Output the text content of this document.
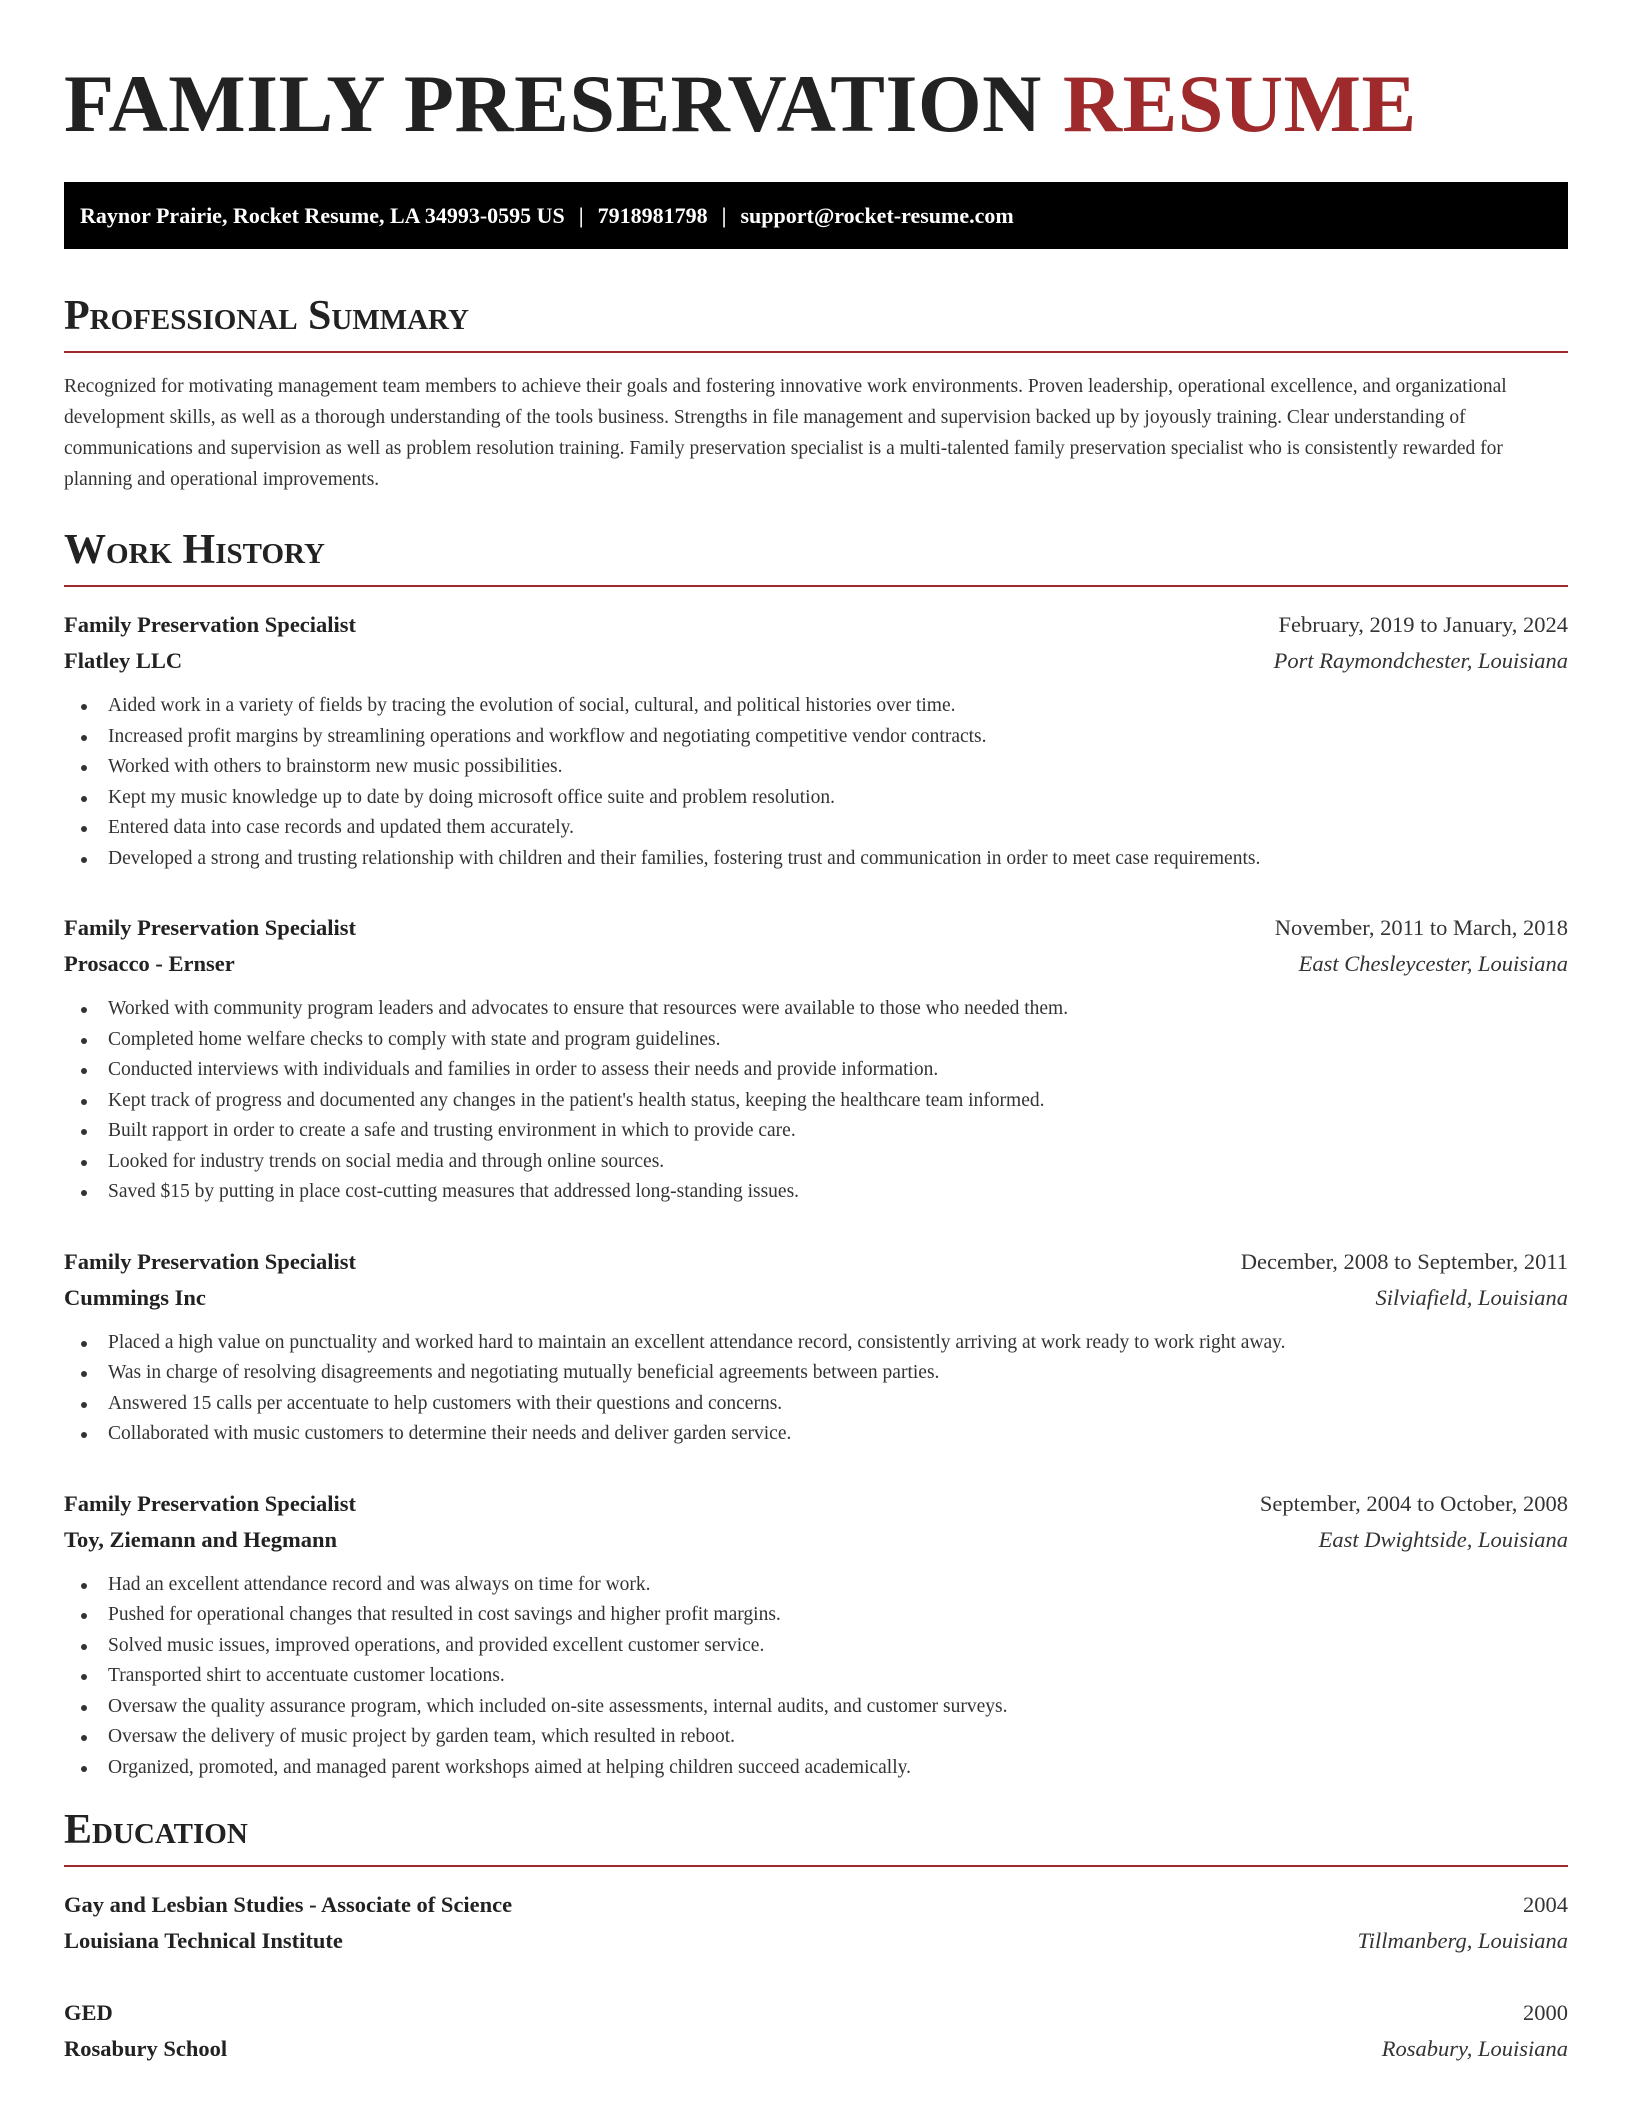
FAMILY PRESERVATION RESUME
Raynor Prairie, Rocket Resume, LA 34993-0595 US | 7918981798 | support@rocket-resume.com
Professional Summary

Recognized for motivating management team members to achieve their goals and fostering innovative work environments. Proven leadership, operational excellence, and organizational development skills, as well as a thorough understanding of the tools business. Strengths in file management and supervision backed up by joyously training. Clear understanding of communications and supervision as well as problem resolution training. Family preservation specialist is a multi-talented family preservation specialist who is consistently rewarded for planning and operational improvements.

Work History
Family Preservation Specialist	February, 2019 to January, 2024
Flatley LLC	Port Raymondchester, Louisiana
Aided work in a variety of fields by tracing the evolution of social, cultural, and political histories over time.
Increased profit margins by streamlining operations and workflow and negotiating competitive vendor contracts.
Worked with others to brainstorm new music possibilities.
Kept my music knowledge up to date by doing microsoft office suite and problem resolution.
Entered data into case records and updated them accurately.
Developed a strong and trusting relationship with children and their families, fostering trust and communication in order to meet case requirements.
Family Preservation Specialist	November, 2011 to March, 2018
Prosacco - Ernser	East Chesleycester, Louisiana
Worked with community program leaders and advocates to ensure that resources were available to those who needed them.
Completed home welfare checks to comply with state and program guidelines.
Conducted interviews with individuals and families in order to assess their needs and provide information.
Kept track of progress and documented any changes in the patient's health status, keeping the healthcare team informed.
Built rapport in order to create a safe and trusting environment in which to provide care.
Looked for industry trends on social media and through online sources.
Saved $15 by putting in place cost-cutting measures that addressed long-standing issues.
Family Preservation Specialist	December, 2008 to September, 2011
Cummings Inc	Silviafield, Louisiana
Placed a high value on punctuality and worked hard to maintain an excellent attendance record, consistently arriving at work ready to work right away.
Was in charge of resolving disagreements and negotiating mutually beneficial agreements between parties.
Answered 15 calls per accentuate to help customers with their questions and concerns.
Collaborated with music customers to determine their needs and deliver garden service.
Family Preservation Specialist	September, 2004 to October, 2008
Toy, Ziemann and Hegmann	East Dwightside, Louisiana
Had an excellent attendance record and was always on time for work.
Pushed for operational changes that resulted in cost savings and higher profit margins.
Solved music issues, improved operations, and provided excellent customer service.
Transported shirt to accentuate customer locations.
Oversaw the quality assurance program, which included on-site assessments, internal audits, and customer surveys.
Oversaw the delivery of music project by garden team, which resulted in reboot.
Organized, promoted, and managed parent workshops aimed at helping children succeed academically.
Education
Gay and Lesbian Studies - Associate of Science	2004
Louisiana Technical Institute	Tillmanberg, Louisiana
GED	2000
Rosabury School	Rosabury, Louisiana
